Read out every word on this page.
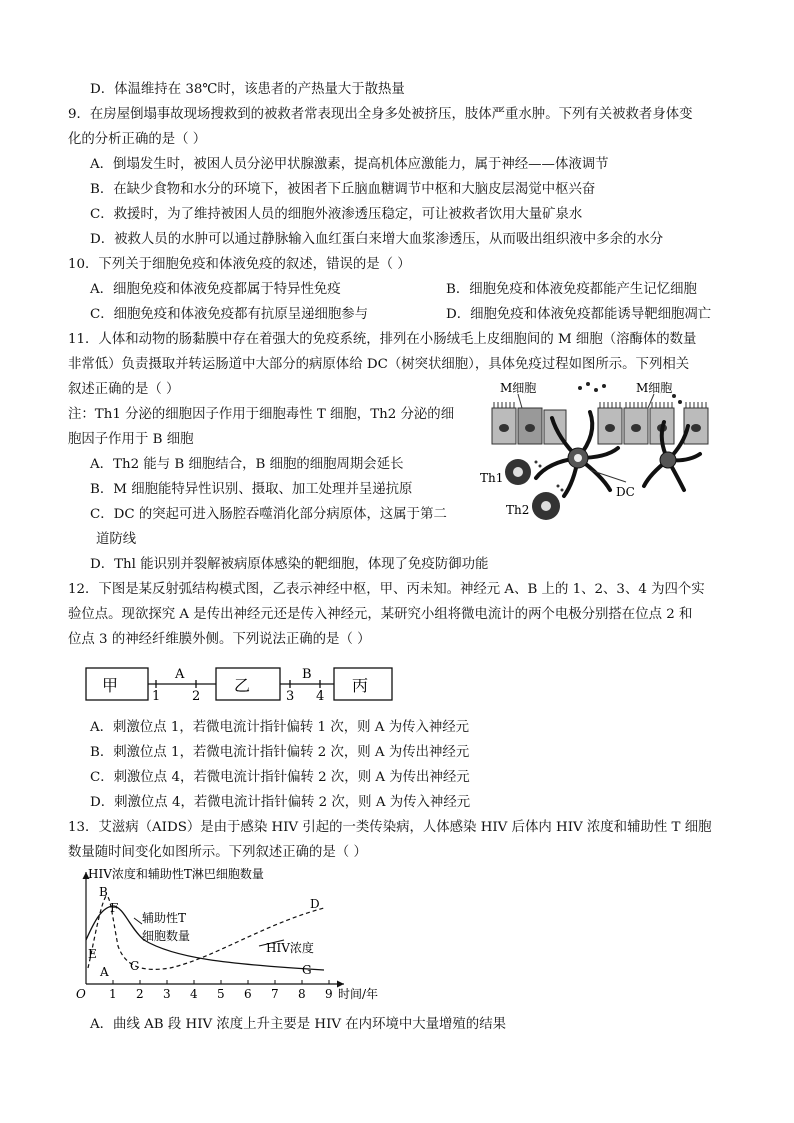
D．体温维持在 38℃时，该患者的产热量大于散热量
9．在房屋倒塌事故现场搜救到的被救者常表现出全身多处被挤压，肢体严重水肿。下列有关被救者身体变
化的分析正确的是（ ）
A．倒塌发生时，被困人员分泌甲状腺激素，提高机体应激能力，属于神经——体液调节
B．在缺少食物和水分的环境下，被困者下丘脑血糖调节中枢和大脑皮层渴觉中枢兴奋
C．救援时，为了维持被困人员的细胞外液渗透压稳定，可让被救者饮用大量矿泉水
D．被救人员的水肿可以通过静脉输入血红蛋白来增大血浆渗透压，从而吸出组织液中多余的水分
10．下列关于细胞免疫和体液免疫的叙述，错误的是（ ）
A．细胞免疫和体液免疫都属于特异性免疫	B．细胞免疫和体液免疫都能产生记忆细胞
C．细胞免疫和体液免疫都有抗原呈递细胞参与	D．细胞免疫和体液免疫都能诱导靶细胞凋亡
11．人体和动物的肠黏膜中存在着强大的免疫系统，排列在小肠绒毛上皮细胞间的 M 细胞（溶酶体的数量
非常低）负责摄取并转运肠道中大部分的病原体给 DC（树突状细胞），具体免疫过程如图所示。下列相关
叙述正确的是（ ）
注：Th1 分泌的细胞因子作用于细胞毒性 T 细胞，Th2 分泌的细
胞因子作用于 B 细胞
A．Th2 能与 B 细胞结合，B 细胞的细胞周期会延长
B．M 细胞能特异性识别、摄取、加工处理并呈递抗原
C．DC 的突起可进入肠腔吞噬消化部分病原体，这属于第二
道防线
D．Thl 能识别并裂解被病原体感染的靶细胞，体现了免疫防御功能
12．下图是某反射弧结构模式图，乙表示神经中枢，甲、丙未知。神经元 A、B 上的 1、2、3、4 为四个实
验位点。现欲探究 A 是传出神经元还是传入神经元，某研究小组将微电流计的两个电极分别搭在位点 2 和
位点 3 的神经纤维膜外侧。下列说法正确的是（ ）
A．刺激位点 1，若微电流计指针偏转 1 次，则 A 为传入神经元
B．刺激位点 1，若微电流计指针偏转 2 次，则 A 为传出神经元
C．刺激位点 4，若微电流计指针偏转 2 次，则 A 为传出神经元
D．刺激位点 4，若微电流计指针偏转 2 次，则 A 为传入神经元
13．艾滋病（AIDS）是由于感染 HIV 引起的一类传染病，人体感染 HIV 后体内 HIV 浓度和辅助性 T 细胞
数量随时间变化如图所示。下列叙述正确的是（ ）
A．曲线 AB 段 HIV 浓度上升主要是 HIV 在内环境中大量增殖的结果
M细胞	M细胞
Th1
Th2
DC
甲	乙	丙
A	B
1 2	3 4
HIV浓度和辅助性T淋巴细胞数量
时间/年
O 1 2 3 4 5 6 7 8 9
辅助性T
细胞数量
HIV浓度
B
F	D
E
A C	G
